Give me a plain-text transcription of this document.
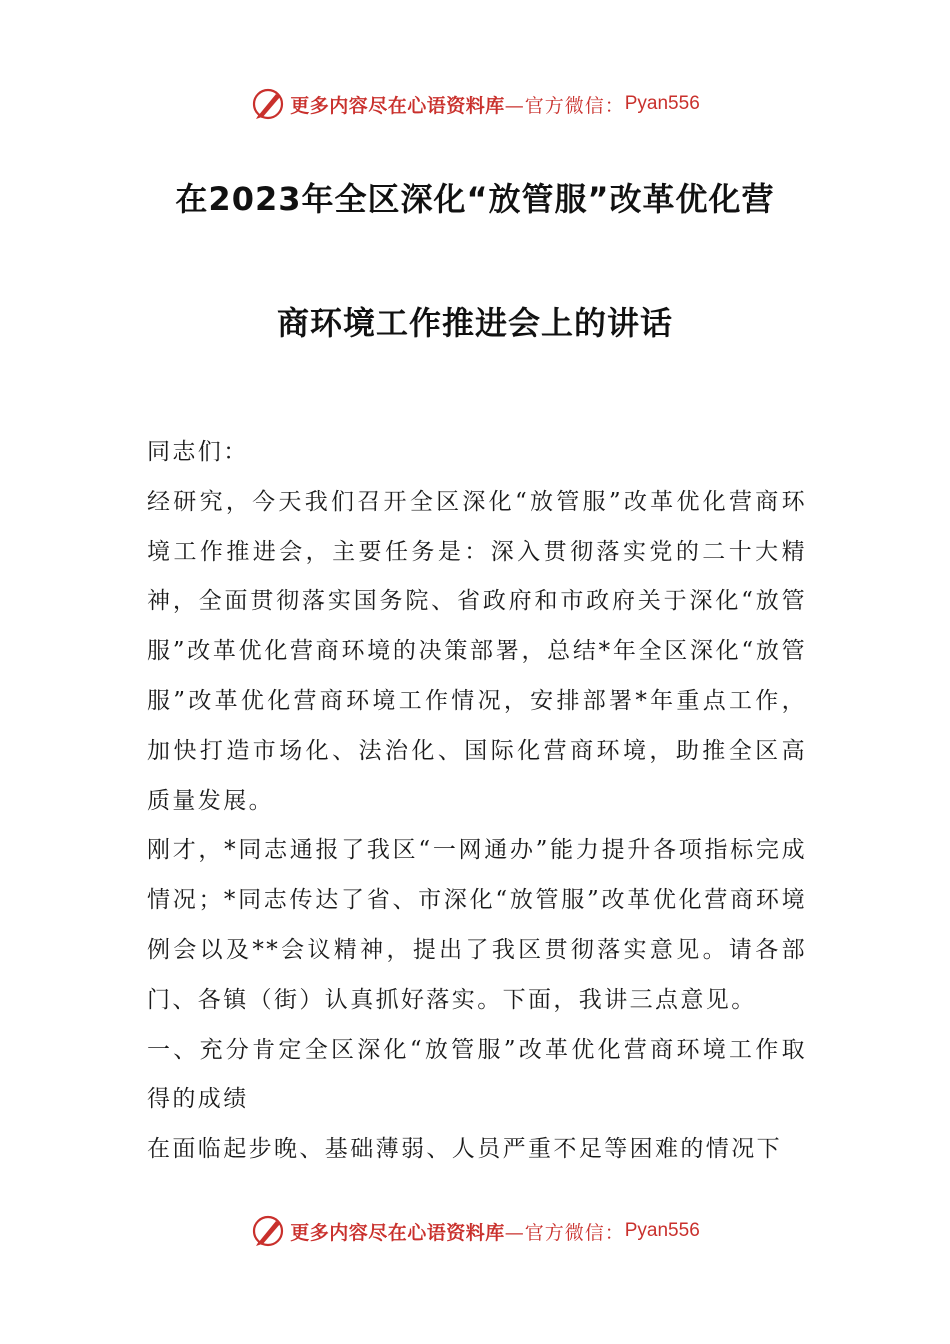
更多内容尽在心语资料库 —官方微信： Pyan556
在2023年全区深化“放管服”改革优化营
商环境工作推进会上的讲话

同志们：

经研究，今天我们召开全区深化“放管服”改革优化营商环境工作推进会，主要任务是：深入贯彻落实党的二十大精神，全面贯彻落实国务院、省政府和市政府关于深化“放管服”改革优化营商环境的决策部署，总结*年全区深化“放管服”改革优化营商环境工作情况，安排部署*年重点工作，加快打造市场化、法治化、国际化营商环境，助推全区高质量发展。

刚才，*同志通报了我区“一网通办”能力提升各项指标完成情况；*同志传达了省、市深化“放管服”改革优化营商环境例会以及**会议精神，提出了我区贯彻落实意见。请各部门、各镇（街）认真抓好落实。下面，我讲三点意见。

一、充分肯定全区深化“放管服”改革优化营商环境工作取得的成绩

在面临起步晚、基础薄弱、人员严重不足等困难的情况下

更多内容尽在心语资料库 —官方微信： Pyan556
